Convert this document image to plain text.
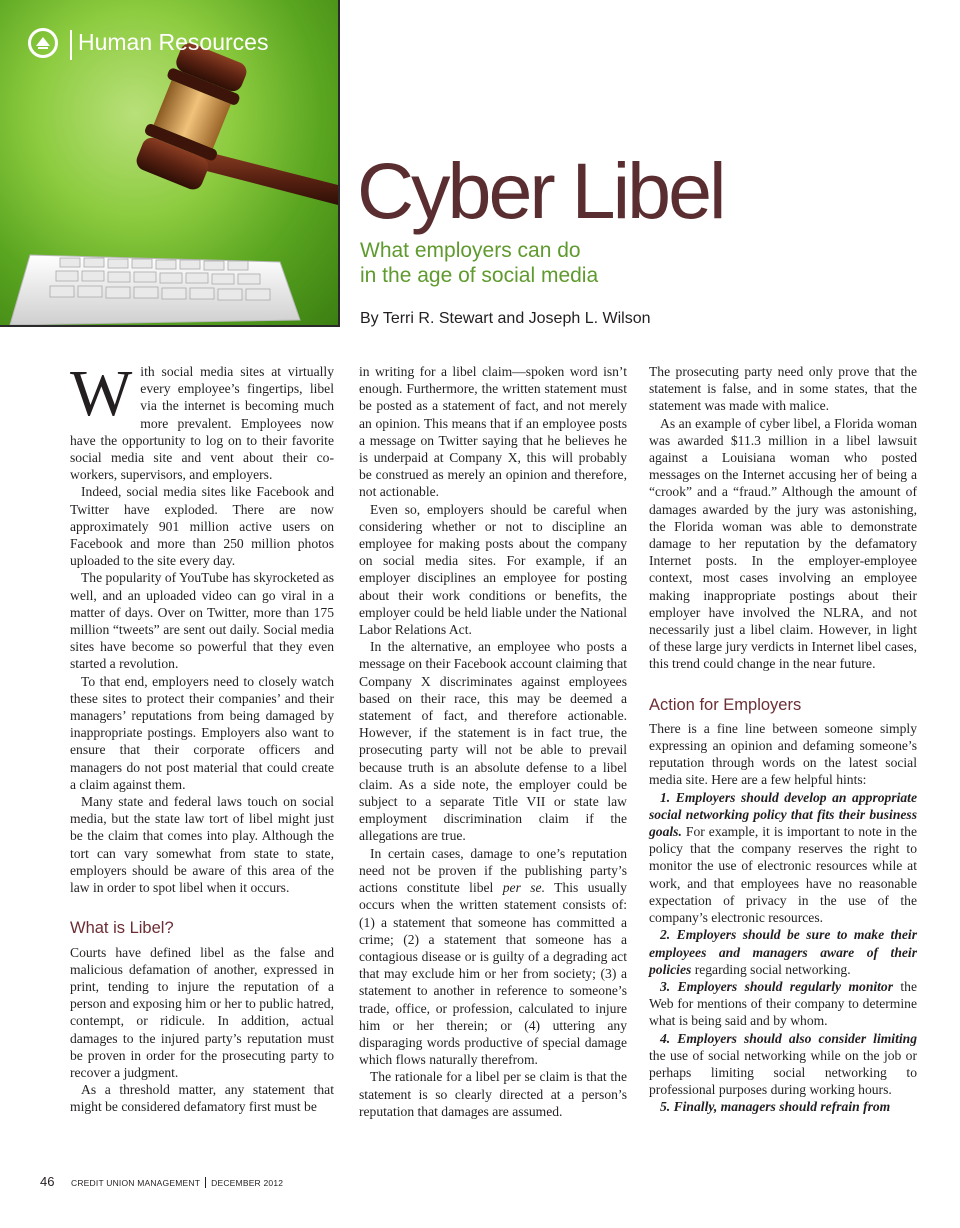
Human Resources
Cyber Libel
What employers can do
in the age of social media
By Terri R. Stewart and Joseph L. Wilson

With social media sites at virtually every employee’s fingertips, libel via the internet is becoming much more prevalent. Employees now have the opportunity to log on to their favorite social media site and vent about their co-workers, supervisors, and employers.

Indeed, social media sites like Facebook and Twitter have exploded. There are now approximately 901 million active users on Facebook and more than 250 million photos uploaded to the site every day.

The popularity of YouTube has skyrocketed as well, and an uploaded video can go viral in a matter of days. Over on Twitter, more than 175 million “tweets” are sent out daily. Social media sites have become so powerful that they even started a revolution.

To that end, employers need to closely watch these sites to protect their companies’ and their managers’ reputations from being damaged by inappropriate postings. Employers also want to ensure that their corporate officers and managers do not post material that could create a claim against them.

Many state and federal laws touch on social media, but the state law tort of libel might just be the claim that comes into play. Although the tort can vary somewhat from state to state, employers should be aware of this area of the law in order to spot libel when it occurs.

What is Libel?

Courts have defined libel as the false and malicious defamation of another, expressed in print, tending to injure the reputation of a person and exposing him or her to public hatred, contempt, or ridicule. In addition, actual damages to the injured party’s reputation must be proven in order for the prosecuting party to recover a judgment.

As a threshold matter, any statement that might be considered defamatory first must be

in writing for a libel claim—spoken word isn’t enough. Furthermore, the written statement must be posted as a statement of fact, and not merely an opinion. This means that if an employee posts a message on Twitter saying that he believes he is underpaid at Company X, this will probably be construed as merely an opinion and therefore, not actionable.

Even so, employers should be careful when considering whether or not to discipline an employee for making posts about the company on social media sites. For example, if an employer disciplines an employee for posting about their work conditions or benefits, the employer could be held liable under the National Labor Relations Act.

In the alternative, an employee who posts a message on their Facebook account claiming that Company X discriminates against employees based on their race, this may be deemed a statement of fact, and therefore actionable. However, if the statement is in fact true, the prosecuting party will not be able to prevail because truth is an absolute defense to a libel claim. As a side note, the employer could be subject to a separate Title VII or state law employment discrimination claim if the allegations are true.

In certain cases, damage to one’s reputation need not be proven if the publishing party’s actions constitute libel per se. This usually occurs when the written statement consists of: (1) a statement that someone has committed a crime; (2) a statement that someone has a contagious disease or is guilty of a degrading act that may exclude him or her from society; (3) a statement to another in reference to someone’s trade, office, or profession, calculated to injure him or her therein; or (4) uttering any disparaging words productive of special damage which flows naturally therefrom.

The rationale for a libel per se claim is that the statement is so clearly directed at a person’s reputation that damages are assumed.

The prosecuting party need only prove that the statement is false, and in some states, that the statement was made with malice.

As an example of cyber libel, a Florida woman was awarded $11.3 million in a libel lawsuit against a Louisiana woman who posted messages on the Internet accusing her of being a “crook” and a “fraud.” Although the amount of damages awarded by the jury was astonishing, the Florida woman was able to demonstrate damage to her reputation by the defamatory Internet posts. In the employer-employee context, most cases involving an employee making inappropriate postings about their employer have involved the NLRA, and not necessarily just a libel claim. However, in light of these large jury verdicts in Internet libel cases, this trend could change in the near future.

Action for Employers

There is a fine line between someone simply expressing an opinion and defaming someone’s reputation through words on the latest social media site. Here are a few helpful hints:

1. Employers should develop an appropriate social networking policy that fits their business goals. For example, it is important to note in the policy that the company reserves the right to monitor the use of electronic resources while at work, and that employees have no reasonable expectation of privacy in the use of the company’s electronic resources.

2. Employers should be sure to make their employees and managers aware of their policies regarding social networking.

3. Employers should regularly monitor the Web for mentions of their company to determine what is being said and by whom.

4. Employers should also consider limiting the use of social networking while on the job or perhaps limiting social networking to professional purposes during working hours.

5. Finally, managers should refrain from

46 CREDIT UNION MANAGEMENT DECEMBER 2012
